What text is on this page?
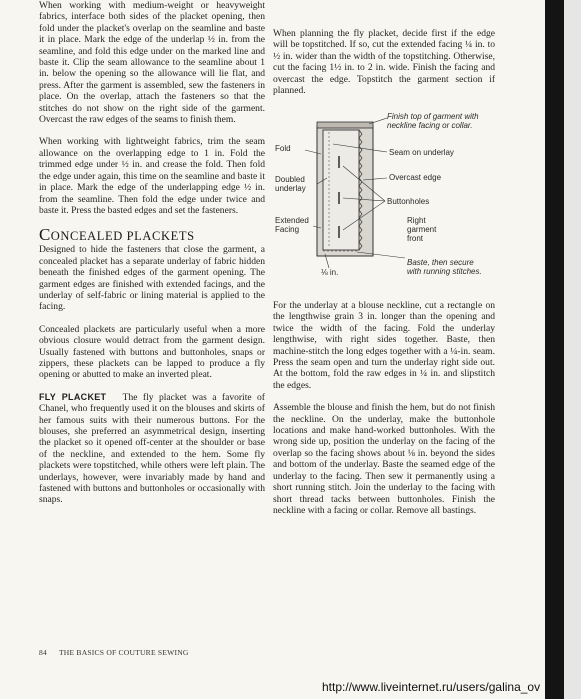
When working with medium-weight or heavyweight fabrics, interface both sides of the placket opening, then fold under the placket's overlap on the seamline and baste it in place. Mark the edge of the underlap ½ in. from the seamline, and fold this edge under on the marked line and baste it. Clip the seam allowance to the seamline about 1 in. below the opening so the allowance will lie flat, and press. After the garment is assembled, sew the fasteners in place. On the overlap, attach the fasteners so that the stitches do not show on the right side of the garment. Overcast the raw edges of the seams to finish them.

When working with lightweight fabrics, trim the seam allowance on the overlapping edge to 1 in. Fold the trimmed edge under ½ in. and crease the fold. Then fold the edge under again, this time on the seamline and baste it in place. Mark the edge of the underlapping edge ½ in. from the seamline. Then fold the edge under twice and baste it. Press the basted edges and set the fasteners.

CONCEALED PLACKETS

Designed to hide the fasteners that close the garment, a concealed placket has a separate underlay of fabric hidden beneath the finished edges of the garment opening. The garment edges are finished with extended facings, and the underlay of self-fabric or lining material is applied to the facing.

Concealed plackets are particularly useful when a more obvious closure would detract from the garment design. Usually fastened with buttons and buttonholes, snaps or zippers, these plackets can be lapped to produce a fly opening or abutted to make an inverted pleat.

FLY PLACKET The fly placket was a favorite of Chanel, who frequently used it on the blouses and skirts of her famous suits with their numerous buttons. For the blouses, she preferred an asymmetrical design, inserting the placket so it opened off-center at the shoulder or base of the neckline, and extended to the hem. Some fly plackets were topstitched, while others were left plain. The underlays, however, were invariably made by hand and fastened with buttons and buttonholes or occasionally with snaps.

When planning the fly placket, decide first if the edge will be topstitched. If so, cut the extended facing ¼ in. to ½ in. wider than the width of the topstitching. Otherwise, cut the facing 1½ in. to 2 in. wide. Finish the facing and overcast the edge. Topstitch the garment section if planned.

Finish top of garment with
neckline facing or collar.
Fold	Seam on underlay
Doubled
underlay
Overcast edge
Buttonholes
Extended
Facing
Right
garment
front
Baste, then secure
with running stitches.
⅛ in.

For the underlay at a blouse neckline, cut a rectangle on the lengthwise grain 3 in. longer than the opening and twice the width of the facing. Fold the underlay lengthwise, with right sides together. Baste, then machine-stitch the long edges together with a ¼-in. seam. Press the seam open and turn the underlay right side out. At the bottom, fold the raw edges in ¼ in. and slipstitch the edges.

Assemble the blouse and finish the hem, but do not finish the neckline. On the underlay, make the buttonhole locations and make hand-worked buttonholes. With the wrong side up, position the underlay on the facing of the overlap so the facing shows about ⅛ in. beyond the sides and bottom of the underlay. Baste the seamed edge of the underlay to the facing. Then sew it permanently using a short running stitch. Join the underlay to the facing with short thread tacks between buttonholes. Finish the neckline with a facing or collar. Remove all bastings.

84 THE BASICS OF COUTURE SEWING
http://www.liveinternet.ru/users/galina_ov
